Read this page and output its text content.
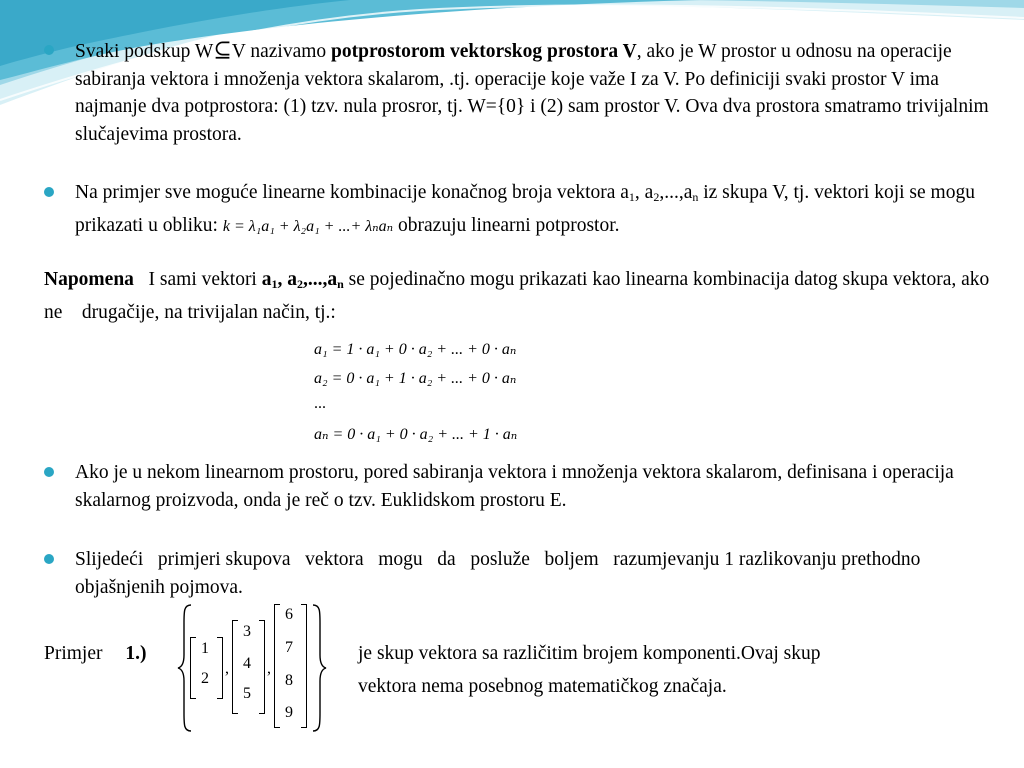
Svaki podskup W⊆V nazivamo potprostorom vektorskog prostora V, ako je W prostor u odnosu na operacije sabiranja vektora i množenja vektora skalarom, .tj. operacije koje važe I za V. Po definiciji svaki prostor V ima najmanje dva potprostora: (1) tzv. nula prosror, tj. W={0} i (2) sam prostor V. Ova dva prostora smatramo trivijalnim slučajevima prostora.
Na primjer sve moguće linearne kombinacije konačnog broja vektora $a_1$, $a_2,...,a_n$ iz skupa V, tj. vektori koji se mogu prikazati u obliku: k = λ₁a₁ + λ₂a₁ + ...+ λₙaₙ obrazuju linearni potprostor.
Napomena   I sami vektori $a_1$, $a_2,...,a_n$ se pojedinačno mogu prikazati kao linearna kombinacija datog skupa vektora, ako ne    drugačije, na trivijalan način, tj.:
a₁ = 1 · a₁ + 0 · a₂ + ... + 0 · aₙ
a₂ = 0 · a₁ + 1 · a₂ + ... + 0 · aₙ
...
aₙ = 0 · a₁ + 0 · a₂ + ... + 1 · aₙ
Ako je u nekom linearnom prostoru, pored sabiranja vektora i množenja vektora skalarom, definisana i operacija skalarnog proizvoda, onda je reč o tzv. Euklidskom prostoru E.
Slijedeći   primjeri skupova   vektora   mogu   da   posluže   boljem   razumjevanju 1 razlikovanju prethodno objašnjenih pojmova.
Primjer 1.)	1
2
,
3
4
5
,
6
7
8
9
je skup vektora sa različitim brojem komponenti.Ovaj skup
vektora nema posebnog matematičkog značaja.
